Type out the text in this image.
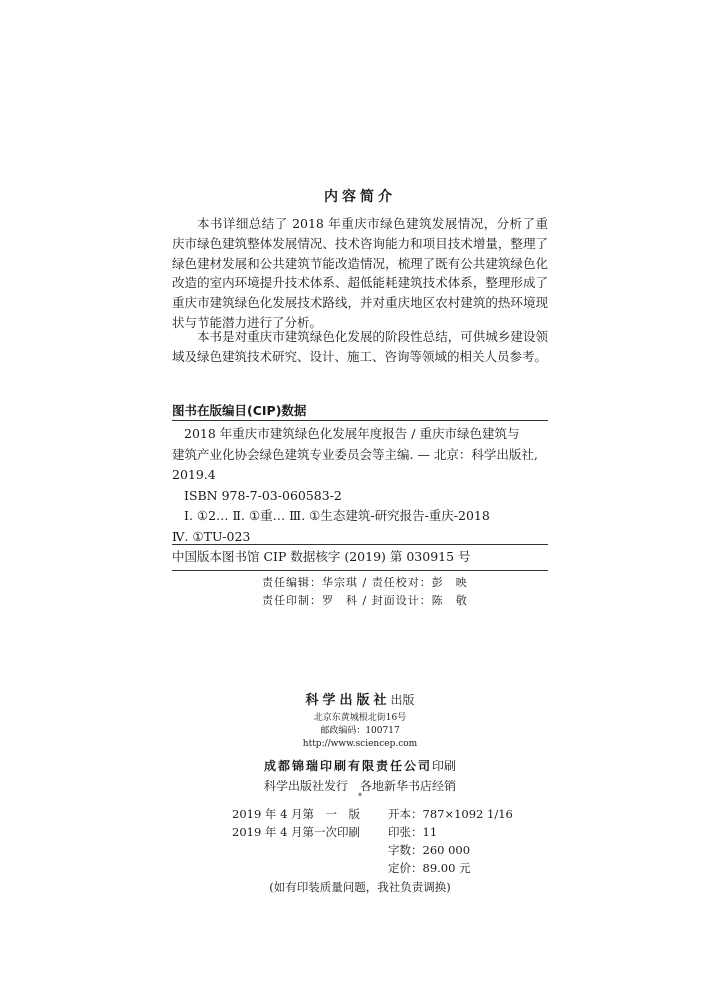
内容简介

本书详细总结了 2018 年重庆市绿色建筑发展情况，分析了重庆市绿色建筑整体发展情况、技术咨询能力和项目技术增量，整理了绿色建材发展和公共建筑节能改造情况，梳理了既有公共建筑绿色化改造的室内环境提升技术体系、超低能耗建筑技术体系，整理形成了重庆市建筑绿色化发展技术路线，并对重庆地区农村建筑的热环境现状与节能潜力进行了分析。

本书是对重庆市建筑绿色化发展的阶段性总结，可供城乡建设领域及绿色建筑技术研究、设计、施工、咨询等领域的相关人员参考。

图书在版编目(CIP)数据
2018 年重庆市建筑绿色化发展年度报告 / 重庆市绿色建筑与
建筑产业化协会绿色建筑专业委员会等主编. — 北京：科学出版社,
2019.4
ISBN 978-7-03-060583-2
Ⅰ. ①2… Ⅱ. ①重… Ⅲ. ①生态建筑-研究报告-重庆-2018
Ⅳ. ①TU-023
中国版本图书馆 CIP 数据核字 (2019) 第 030915 号
责任编辑：华宗琪 / 责任校对：彭　映
责任印制：罗　科 / 封面设计：陈　敬
科学出版社出版
北京东黄城根北街16号
邮政编码：100717
http://www.sciencep.com
成都锦瑞印刷有限责任公司印刷
科学出版社发行　各地新华书店经销
*
2019 年 4 月第　一　版 开本：787×1092 1/16
2019 年 4 月第一次印刷 印张：11
字数：260 000
定价：89.00 元
(如有印装质量问题，我社负责调换)
